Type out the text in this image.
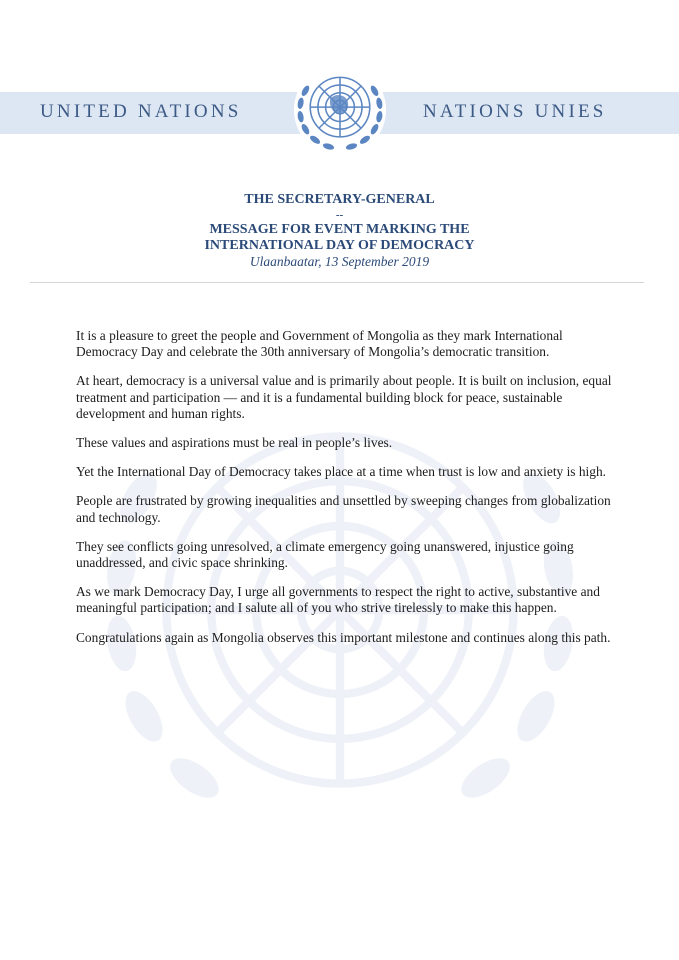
UNITED NATIONS	NATIONS UNIES
THE SECRETARY-GENERAL
--
MESSAGE FOR EVENT MARKING THE
INTERNATIONAL DAY OF DEMOCRACY
Ulaanbaatar, 13 September 2019

It is a pleasure to greet the people and Government of Mongolia as they mark International Democracy Day and celebrate the 30th anniversary of Mongolia’s democratic transition.

At heart, democracy is a universal value and is primarily about people. It is built on inclusion, equal treatment and participation — and it is a fundamental building block for peace, sustainable development and human rights.

These values and aspirations must be real in people’s lives.

Yet the International Day of Democracy takes place at a time when trust is low and anxiety is high.

People are frustrated by growing inequalities and unsettled by sweeping changes from globalization and technology.

They see conflicts going unresolved, a climate emergency going unanswered, injustice going unaddressed, and civic space shrinking.

As we mark Democracy Day, I urge all governments to respect the right to active, substantive and meaningful participation; and I salute all of you who strive tirelessly to make this happen.

Congratulations again as Mongolia observes this important milestone and continues along this path.
